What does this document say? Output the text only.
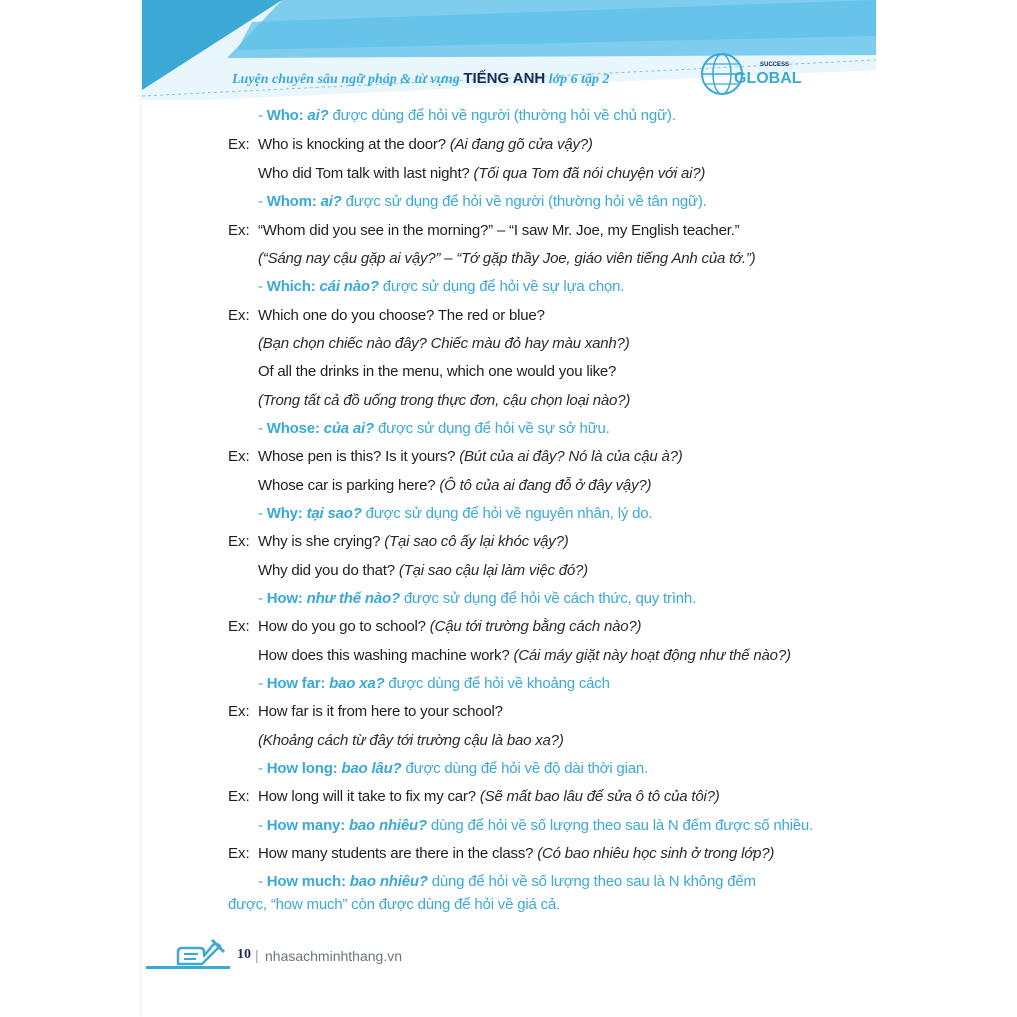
Luyện chuyên sâu ngữ pháp & từ vựng TIẾNG ANH lớp 6 tập 2	GLOBAL
SUCCESS
- Who: ai? được dùng để hỏi về người (thường hỏi về chủ ngữ).
Ex: Who is knocking at the door? (Ai đang gõ cửa vậy?)
Who did Tom talk with last night? (Tối qua Tom đã nói chuyện với ai?)
- Whom: ai? được sử dụng để hỏi về người (thường hỏi về tân ngữ).
Ex: “Whom did you see in the morning?” – “I saw Mr. Joe, my English teacher.”
(“Sáng nay cậu gặp ai vậy?” – “Tớ gặp thầy Joe, giáo viên tiếng Anh của tớ.”)
- Which: cái nào? được sử dụng để hỏi về sự lựa chọn.
Ex: Which one do you choose? The red or blue?
(Bạn chọn chiếc nào đây? Chiếc màu đỏ hay màu xanh?)
Of all the drinks in the menu, which one would you like?
(Trong tất cả đồ uống trong thực đơn, cậu chọn loại nào?)
- Whose: của ai? được sử dụng để hỏi về sự sở hữu.
Ex: Whose pen is this? Is it yours? (Bút của ai đây? Nó là của cậu à?)
Whose car is parking here? (Ô tô của ai đang đỗ ở đây vậy?)
- Why: tại sao? được sử dụng để hỏi về nguyên nhân, lý do.
Ex: Why is she crying? (Tại sao cô ấy lại khóc vậy?)
Why did you do that? (Tại sao cậu lại làm việc đó?)
- How: như thế nào? được sử dụng để hỏi về cách thức, quy trình.
Ex: How do you go to school? (Cậu tới trường bằng cách nào?)
How does this washing machine work? (Cái máy giặt này hoạt động như thế nào?)
- How far: bao xa? được dùng để hỏi về khoảng cách
Ex: How far is it from here to your school?
(Khoảng cách từ đây tới trường cậu là bao xa?)
- How long: bao lâu? được dùng để hỏi về độ dài thời gian.
Ex: How long will it take to fix my car? (Sẽ mất bao lâu để sửa ô tô của tôi?)
- How many: bao nhiêu? dùng để hỏi về số lượng theo sau là N đếm được số nhiều.
Ex: How many students are there in the class? (Có bao nhiêu học sinh ở trong lớp?)
- How much: bao nhiêu? dùng để hỏi về số lượng theo sau là N không đếm
được, “how much” còn được dùng để hỏi về giá cả.
10 | nhasachminhthang.vn
